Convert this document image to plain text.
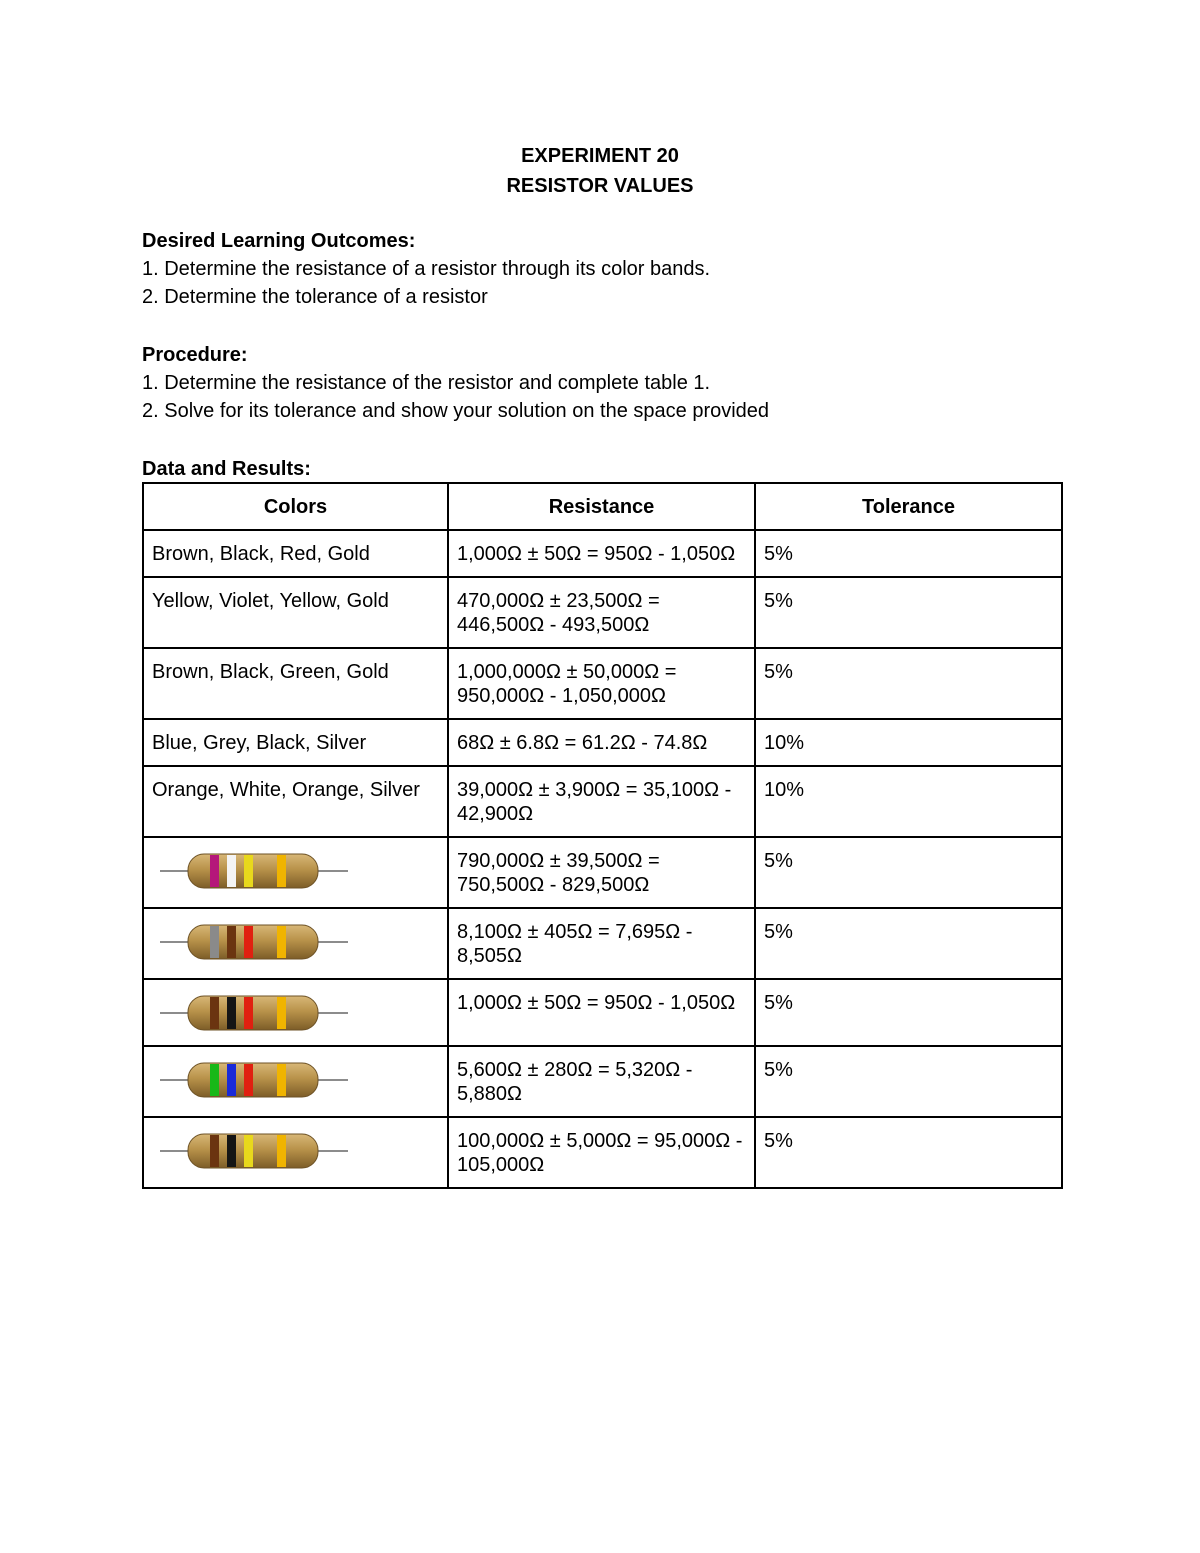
EXPERIMENT 20
RESISTOR VALUES

Desired Learning Outcomes:

1. Determine the resistance of a resistor through its color bands.

2. Determine the tolerance of a resistor

Procedure:

1. Determine the resistance of the resistor and complete table 1.

2. Solve for its tolerance and show your solution on the space provided

Data and Results:

Colors	Resistance	Tolerance
Brown, Black, Red, Gold	1,000Ω ± 50Ω = 950Ω - 1,050Ω	5%
Yellow, Violet, Yellow, Gold	470,000Ω ± 23,500Ω = 446,500Ω - 493,500Ω	5%
Brown, Black, Green, Gold	1,000,000Ω ± 50,000Ω = 950,000Ω - 1,050,000Ω	5%
Blue, Grey, Black, Silver	68Ω ± 6.8Ω = 61.2Ω - 74.8Ω	10%
Orange, White, Orange, Silver	39,000Ω ± 3,900Ω = 35,100Ω - 42,900Ω	10%

	790,000Ω ± 39,500Ω = 750,500Ω - 829,500Ω	5%

	8,100Ω ± 405Ω = 7,695Ω - 8,505Ω	5%

	1,000Ω ± 50Ω = 950Ω - 1,050Ω	5%

	5,600Ω ± 280Ω = 5,320Ω - 5,880Ω	5%

	100,000Ω ± 5,000Ω = 95,000Ω - 105,000Ω	5%
